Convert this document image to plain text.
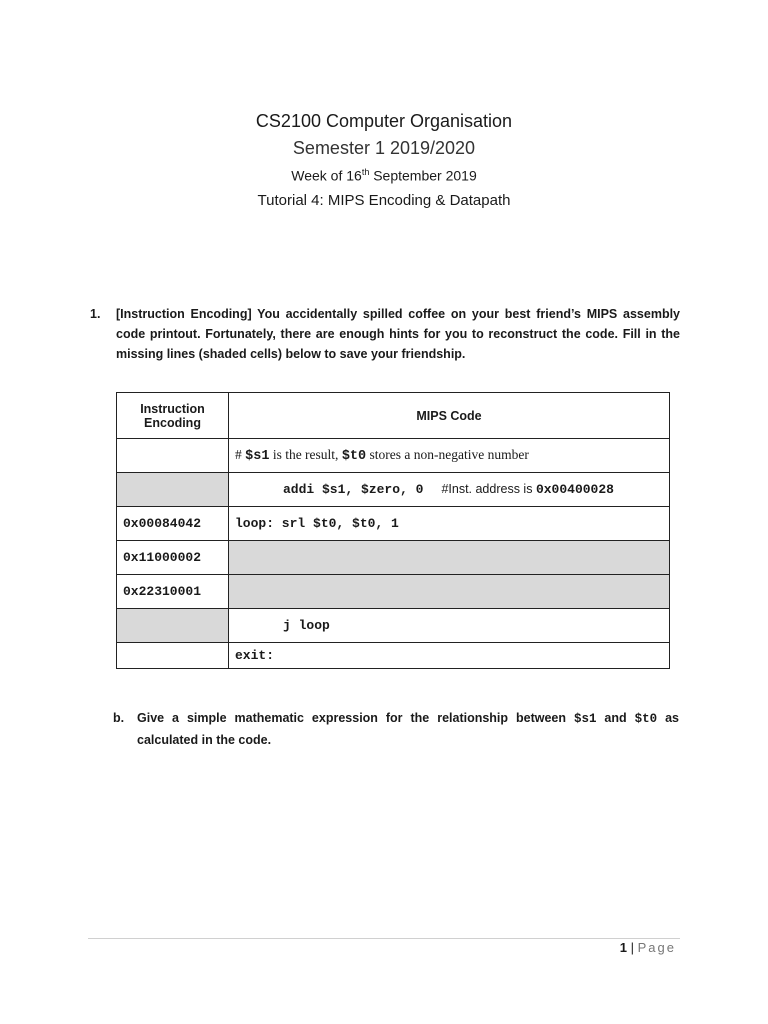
CS2100 Computer Organisation
Semester 1 2019/2020
Week of 16th September 2019
Tutorial 4: MIPS Encoding & Datapath
1.	[Instruction Encoding] You accidentally spilled coffee on your best friend’s MIPS assembly code printout. Fortunately, there are enough hints for you to reconstruct the code. Fill in the missing lines (shaded cells) below to save your friendship.
Instruction Encoding	MIPS Code
	# $s1 is the result, $t0 stores a non-negative number
	addi $s1, $zero, 0 #Inst. address is 0x00400028
0x00084042	loop: srl $t0, $t0, 1
0x11000002	
0x22310001	
	j loop
	exit:
b.	Give a simple mathematic expression for the relationship between $s1 and $t0 as calculated in the code.
1 | Page
